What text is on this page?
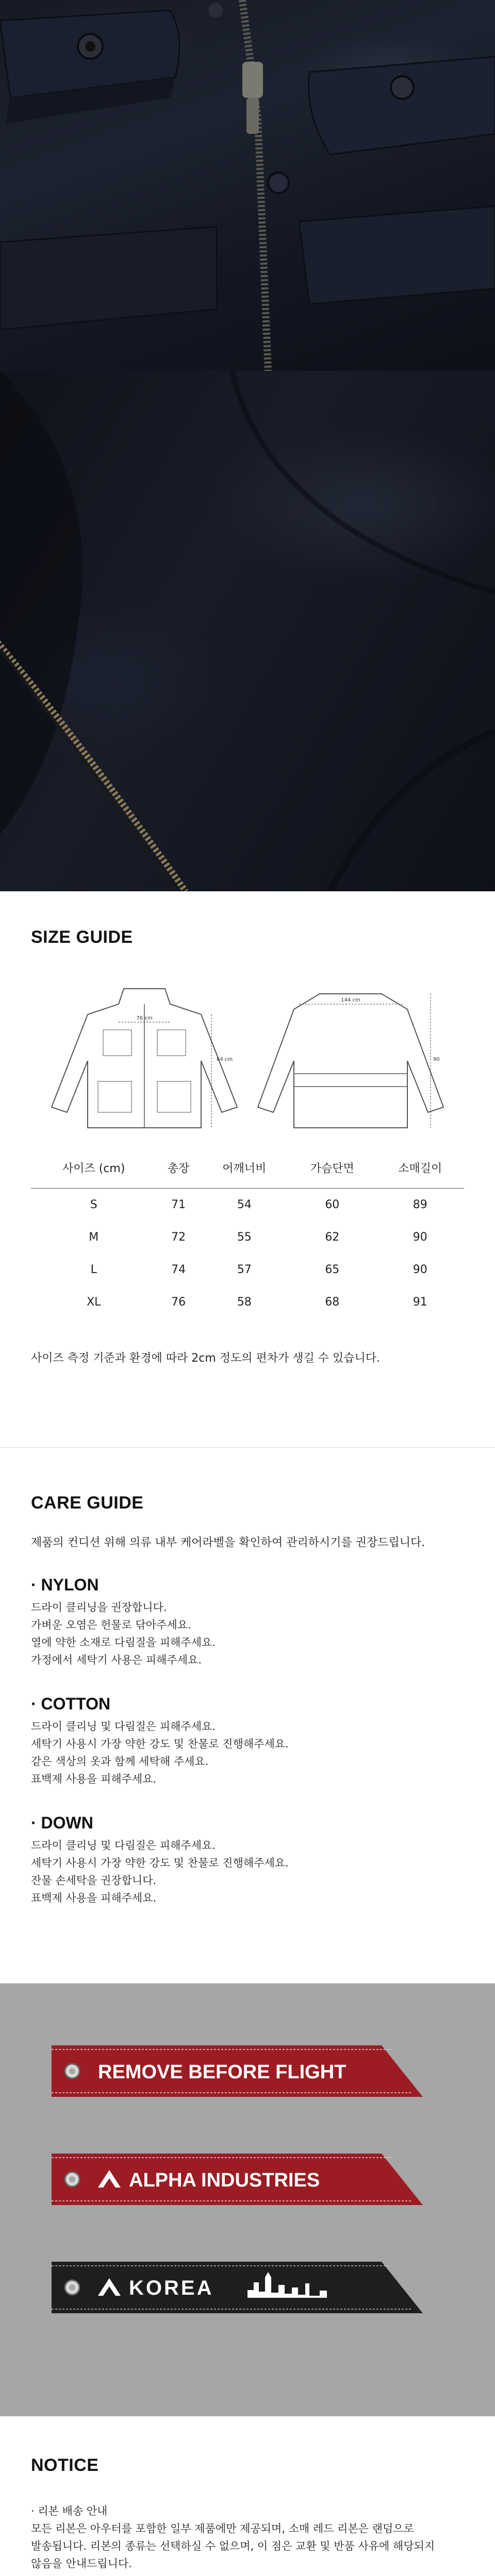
SIZE GUIDE
76 cm
64 cm
144 cm
90
사이즈 (cm)	총장	어깨너비	가슴단면	소매길이
S	71	54	60	89
M	72	55	62	90
L	74	57	65	90
XL	76	58	68	91
사이즈 측정 기준과 환경에 따라 2cm 정도의 편차가 생길 수 있습니다.
CARE GUIDE
제품의 컨디션 위해 의류 내부 케어라벨을 확인하여 관리하시기를 권장드립니다.
· NYLON
드라이 클리닝을 권장합니다.
가벼운 오염은 헌물로 닦아주세요.
열에 약한 소재로 다림질을 피해주세요.
가정에서 세탁기 사용은 피해주세요.
· COTTON
드라이 클리닝 및 다림질은 피해주세요.
세탁기 사용시 가장 약한 강도 및 찬물로 진행해주세요.
같은 색상의 옷과 함께 세탁해 주세요.
표백제 사용을 피해주세요.
· DOWN
드라이 클리닝 및 다림질은 피해주세요.
세탁기 사용시 가장 약한 강도 및 찬물로 진행해주세요.
잔물 손세탁을 권장합니다.
표백제 사용을 피해주세요.
REMOVE BEFORE FLIGHT
ALPHA INDUSTRIES
KOREA
NOTICE
· 리본 배송 안내
모든 리본은 아우터를 포함한 일부 제품에만 제공되며, 소매 레드 리본은 랜덤으로
발송됩니다. 리본의 종류는 선택하실 수 없으며, 이 점은 교환 및 반품 사유에 해당되지
않음을 안내드립니다.
